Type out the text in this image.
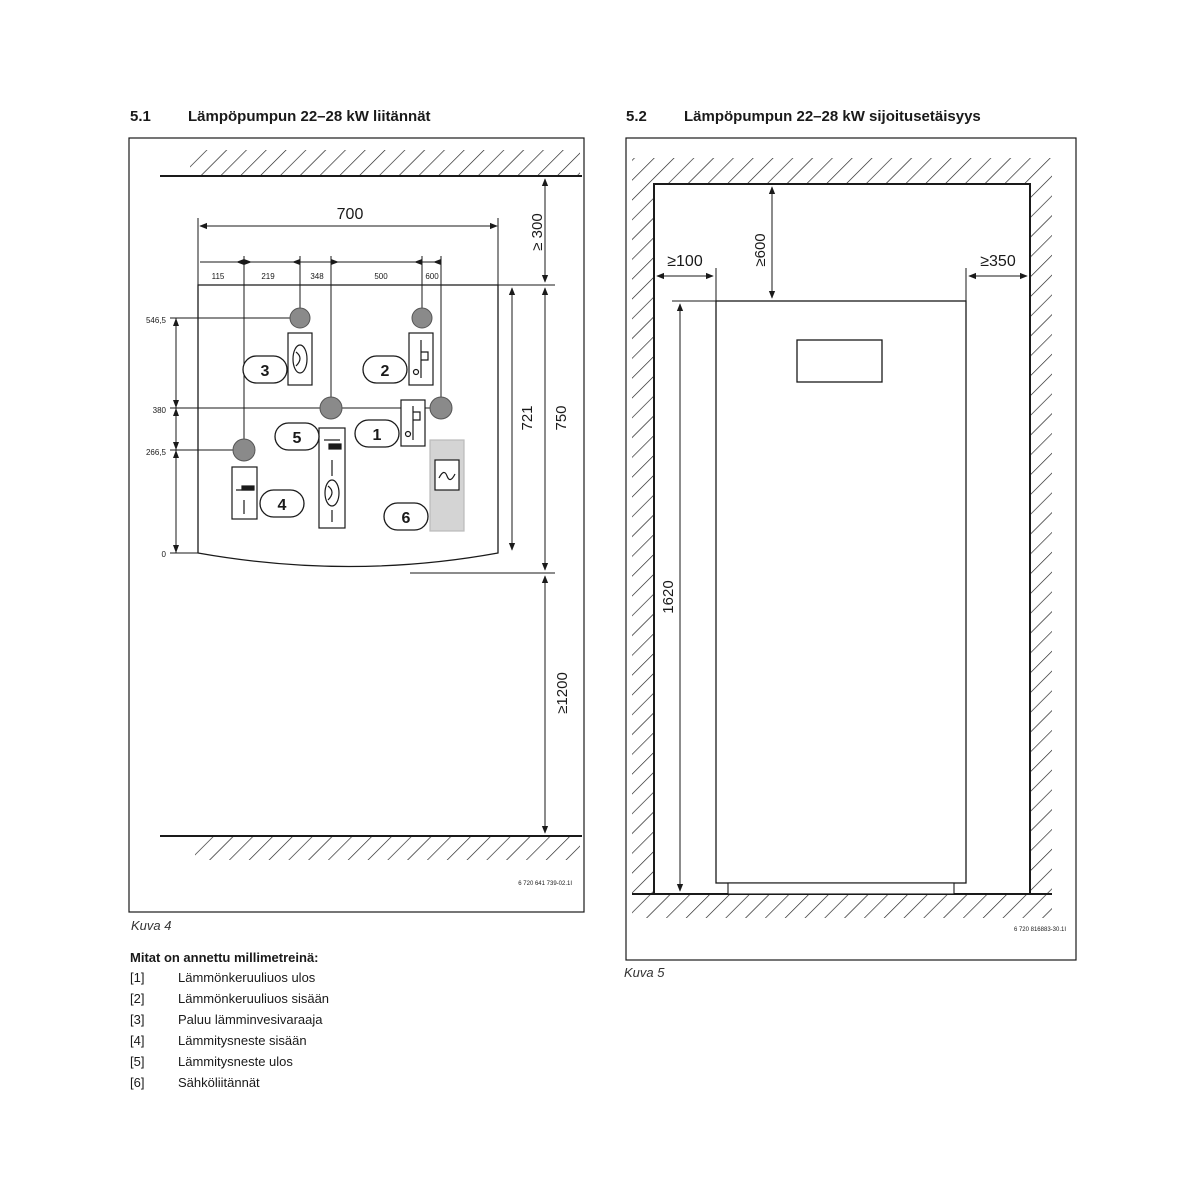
5.1 Lämpöpumpun 22–28 kW liitännät	5.2 Lämpöpumpun 22–28 kW sijoitusetäisyys
700
115	219	348	500	600
546,5
380
266,5
0
721 750
≥ 300
≥1200
3	2
5	1
4
6
6 720 641 739-02.1I
≥100	≥350
≥600
1620
6 720 816883-30.1I
Kuva 4
Kuva 5
Mitat on annettu millimetreinä:
[1]	Lämmönkeruuliuos ulos
[2]	Lämmönkeruuliuos sisään
[3]	Paluu lämminvesivaraaja
[4]	Lämmitysneste sisään
[5]	Lämmitysneste ulos
[6]	Sähköliitännät
